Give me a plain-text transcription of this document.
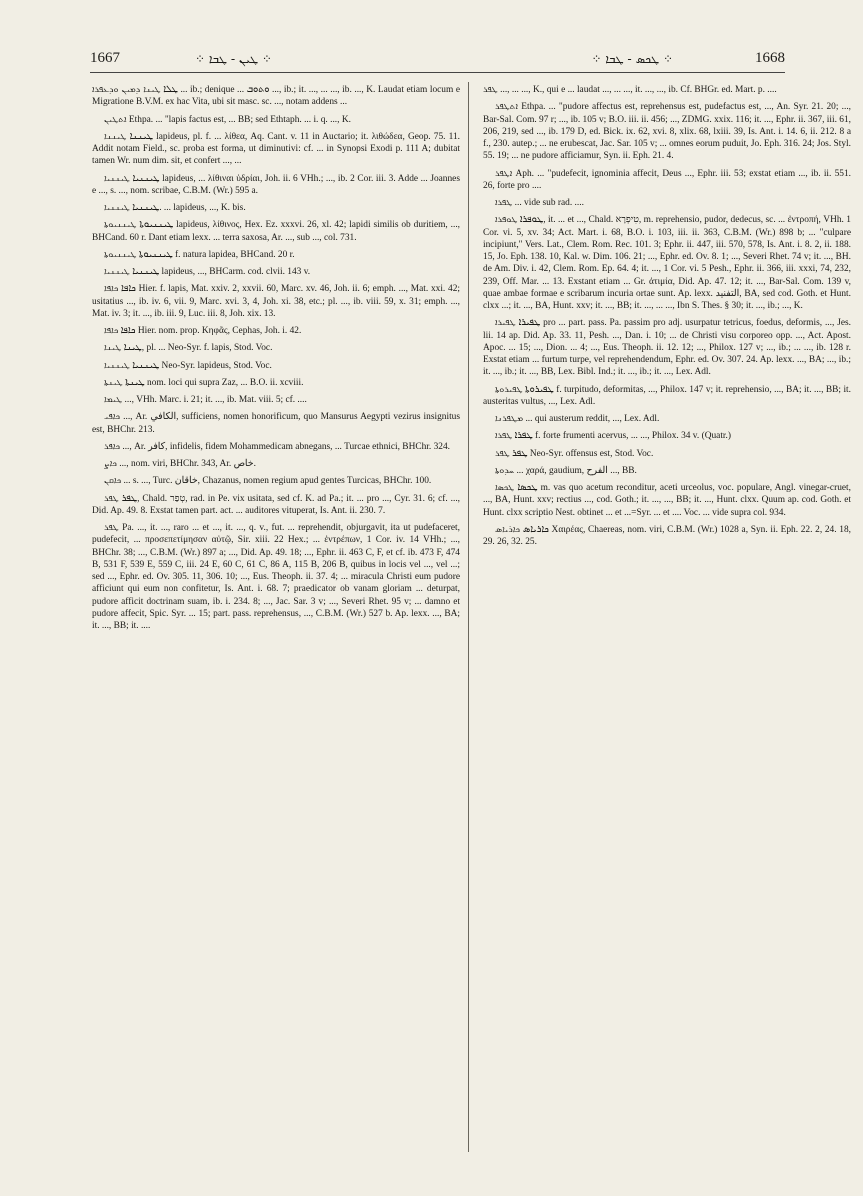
1667	⁘ ܛܝܢ - ܛܒܐ ⁘	⁘ ܛܟܣ - ܛܒܐ ⁘	1668

ܛܝܢܐ ܕܡܝܢ ܘܕܥܦܪܐ ܛܠܐ ... ib.; denique ... ܘܬܘܒ ..., ib.; it. ..., ... ..., ib. ..., K. Laudat etiam locum e Migratione B.V.M. ex hac Vita, ubi sit masc. sc. ..., notam addens ...

ܐܬܛܝܢ Ethpa. ... "lapis factus est, ... BB; sed Ethtaph. ... i. q. ..., K.

ܛܝܢܢܐ ܛܝܢܢܐ lapideus, pl. f. ... λίθεα, Aq. Cant. v. 11 in Auctario; it. λιθώδεα, Geop. 75. 11. Addit notam Field., sc. proba est forma, ut diminutivi: cf. ... in Synopsi Exodi p. 111 A; dubitat tamen Wr. num dim. sit, et confert ..., ...

ܛܝܢܢܝܐ ܛܝܢܢܝܐ lapideus, ... λίθιναι ὑδρίαι, Joh. ii. 6 VHh.; ..., ib. 2 Cor. iii. 3. Adde ... Joannes e ..., s. ..., nom. scribae, C.B.M. (Wr.) 595 a.

ܛܝܢܢܝܐ ܛܝܢܢܝܐ. ... lapideus, ..., K. bis.

ܛܝܢܢܝܘܬܐ ܛܝܢܢܝܘܬܐ lapideus, λίθινος, Hex. Ez. xxxvi. 26, xl. 42; lapidi similis ob duritiem, ..., BHCand. 60 r. Dant etiam lexx. ... terra saxosa, Ar. ..., sub ..., col. 731.

ܛܝܢܢܝܘܬܐ ܛܝܢܢܝܘܬܐ f. natura lapidea, BHCand. 20 r.

ܛܝܢܢܝܐ ܛܝܢܢܝܐ lapideus, ..., BHCarm. cod. clvii. 143 v.

ܟܐܦܐ ܟܐܦܐ Hier. f. lapis, Mat. xxiv. 2, xxvii. 60, Marc. xv. 46, Joh. ii. 6; emph. ..., Mat. xxi. 42; usitatius ..., ib. iv. 6, vii. 9, Marc. xvi. 3, 4, Joh. xi. 38, etc.; pl. ..., ib. viii. 59, x. 31; emph. ..., Mat. iv. 3; it. ..., ib. iii. 9, Luc. iii. 8, Joh. xix. 13.

ܟܐܦܐ ܟܐܦܐ Hier. nom. prop. Κηφᾶς, Cephas, Joh. i. 42.

ܛܝܢܐ ܛܝܢܐ, pl. ... Neo-Syr. f. lapis, Stod. Voc.

ܛܝܢܢܝܐ ܛܝܢܢܝܐ Neo-Syr. lapideus, Stod. Voc.

ܛܝܢܬܐ ܛܝܢܬܐ nom. loci qui supra Zaz, ... B.O. ii. xcviii.

ܛܝܡܐ ..., VHh. Marc. i. 21; it. ..., ib. Mat. viii. 5; cf. ....

ܟܐܦܝ ..., Ar. الكافي, sufficiens, nomen honorificum, quo Mansurus Aegypti vezirus insignitus est, BHChr. 213.

ܟܐܦܪ ..., Ar. كافر, infidelis, fidem Mohammedicam abnegans, ... Turcae ethnici, BHChr. 324.

ܟܐܨ ..., nom. viri, BHChr. 343, Ar. خاص.

ܟܐܩܢ ... s. ..., Turc. خاقان, Chazanus, nomen regium apud gentes Turcicas, BHChr. 100.

ܛܦܪ ܛܦܪ, Chald. טְפַר, rad. in Pe. vix usitata, sed cf. K. ad Pa.; it. ... pro ..., Cyr. 31. 6; cf. ..., Did. Ap. 49. 8. Exstat tamen part. act. ... auditores vituperat, Is. Ant. ii. 230. 7.

ܛܦܪ Pa. ..., it. ..., raro ... et ..., it. ..., q. v., fut. ... reprehendit, objurgavit, ita ut pudefaceret, pudefecit, ... προσεπετίμησαν αὐτῷ, Sir. xiii. 22 Hex.; ... ἐντρέπων, 1 Cor. iv. 14 VHh.; ..., BHChr. 38; ..., C.B.M. (Wr.) 897 a; ..., Did. Ap. 49. 18; ..., Ephr. ii. 463 C, F, et cf. ib. 473 F, 474 B, 531 F, 539 E, 559 C, iii. 24 E, 60 C, 61 C, 86 A, 115 B, 206 B, quibus in locis vel ..., vel ...; sed ..., Ephr. ed. Ov. 305. 11, 306. 10; ..., Eus. Theoph. ii. 37. 4; ... miracula Christi eum pudore afficiunt qui eum non confitetur, Is. Ant. i. 68. 7; praedicator ob vanam gloriam ... deturpat, pudore afficit doctrinam suam, ib. i. 234. 8; ..., Jac. Sar. 3 v; ..., Severi Rhet. 95 v; ... damno et pudore affecit, Spic. Syr. ... 15; part. pass. reprehensus, ..., C.B.M. (Wr.) 527 b. Ap. lexx. ..., BA; it. ..., BB; it. ....

ܛܦܪ ..., ... ..., K., qui e ... laudat ..., ... ..., it. ..., ..., ib. Cf. BHGr. ed. Mart. p. ....

ܐܬܛܦܪ Ethpa. ... "pudore affectus est, reprehensus est, pudefactus est, ..., An. Syr. 21. 20; ..., Bar-Sal. Com. 97 r; ..., ib. 105 v; B.O. iii. ii. 456; ..., ZDMG. xxix. 116; it. ..., Ephr. ii. 367, iii. 61, 206, 219, sed ..., ib. 179 D, ed. Bick. ix. 62, xvi. 8, xlix. 68, lxiii. 39, Is. Ant. i. 14. 6, ii. 212. 8 a f., 230. autep.; ... ne erubescat, Jac. Sar. 105 v; ... omnes eorum puduit, Jo. Eph. 316. 24; Jos. Styl. 55. 19; ... ne pudore afficiamur, Syn. ii. Eph. 21. 4.

ܐܛܦܪ Aph. ... "pudefecit, ignominia affecit, Deus ..., Ephr. iii. 53; exstat etiam ..., ib. ii. 551. 26, forte pro ....

ܛܦܪܐ ... vide sub rad. ....

ܛܘܦܪܐ ܛܘܦܪܐ, it. ... et ..., Chald. טִיפְרָא, m. reprehensio, pudor, dedecus, sc. ... ἐντροπή, VHh. 1 Cor. vi. 5, xv. 34; Act. Mart. i. 68, B.O. i. 103, iii. ii. 363, C.B.M. (Wr.) 898 b; ... "culpare incipiunt," Vers. Lat., Clem. Rom. Rec. 101. 3; Ephr. ii. 447, iii. 570, 578, Is. Ant. i. 8. 2, ii. 188. 15, Jo. Eph. 138. 10, Kal. w. Dim. 106. 21; ..., Ephr. ed. Ov. 8. 1; ..., Severi Rhet. 74 v; it. ..., BH. de Am. Div. i. 42, Clem. Rom. Ep. 64. 4; it. ..., 1 Cor. vi. 5 Pesh., Ephr. ii. 366, iii. xxxi, 74, 232, 239, Off. Mar. ... 13. Exstant etiam ... Gr. ἀτιμία, Did. Ap. 47. 12; it. ..., Bar-Sal. Com. 139 v, quae ambae formae e scribarum incuria ortae sunt. Ap. lexx. التفنيد, BA, sed cod. Goth. et Hunt. clxx ...; it. ..., BA, Hunt. xxv; it. ..., BB; it. ..., ... ..., Ibn S. Thes. § 30; it. ..., ib.; ..., K.

ܛܦܝܪܐ ܛܦܝܪܐ pro ... part. pass. Pa. passim pro adj. usurpatur tetricus, foedus, deformis, ..., Jes. lii. 14 ap. Did. Ap. 33. 11, Pesh. ..., Dan. i. 10; ... de Christi visu corporeo opp. ..., Act. Apost. Apoc. ... 15; ..., Dion. ... 4; ..., Eus. Theoph. ii. 12. 12; ..., Philox. 127 v; ..., ib.; ... ..., ib. 128 r. Exstat etiam ... furtum turpe, vel reprehendendum, Ephr. ed. Ov. 307. 24. Ap. lexx. ..., BA; ..., ib.; it. ..., ib.; it. ..., BB, Lex. Bibl. Ind.; it. ..., ib.; it. ..., Lex. Adl.

ܛܦܝܪܘܬܐ ܛܦܝܪܘܬܐ f. turpitudo, deformitas, ..., Philox. 147 v; it. reprehensio, ..., BA; it. ..., BB; it. austeritas vultus, ..., Lex. Adl.

ܡܛܦܪܢܐ ... qui austerum reddit, ..., Lex. Adl.

ܛܦܪܐ ܛܦܪܐ f. forte frumenti acervus, ... ..., Philox. 34 v. (Quatr.)

ܛܦܪ ܛܦܪ Neo-Syr. offensus est, Stod. Voc.

ܚܕܘܬܐ ... χαρά, gaudium, الفرح ..., BB.

ܛܟܣܐ ܛܟܣܐ m. vas quo acetum reconditur, aceti urceolus, voc. populare, Angl. vinegar-cruet, ..., BA, Hunt. xxv; rectius ..., cod. Goth.; it. ..., ..., BB; it. ..., Hunt. clxx. Quum ap. cod. Goth. et Hunt. clxx scriptio Nest. obtinet ... et ...=Syr. ... et .... Voc. ... vide supra col. 934.

ܟܐܪܝܐܣ ܟܐܪܝܐܣ Χαιρέας, Chaereas, nom. viri, C.B.M. (Wr.) 1028 a, Syn. ii. Eph. 22. 2, 24. 18, 29. 26, 32. 25.
